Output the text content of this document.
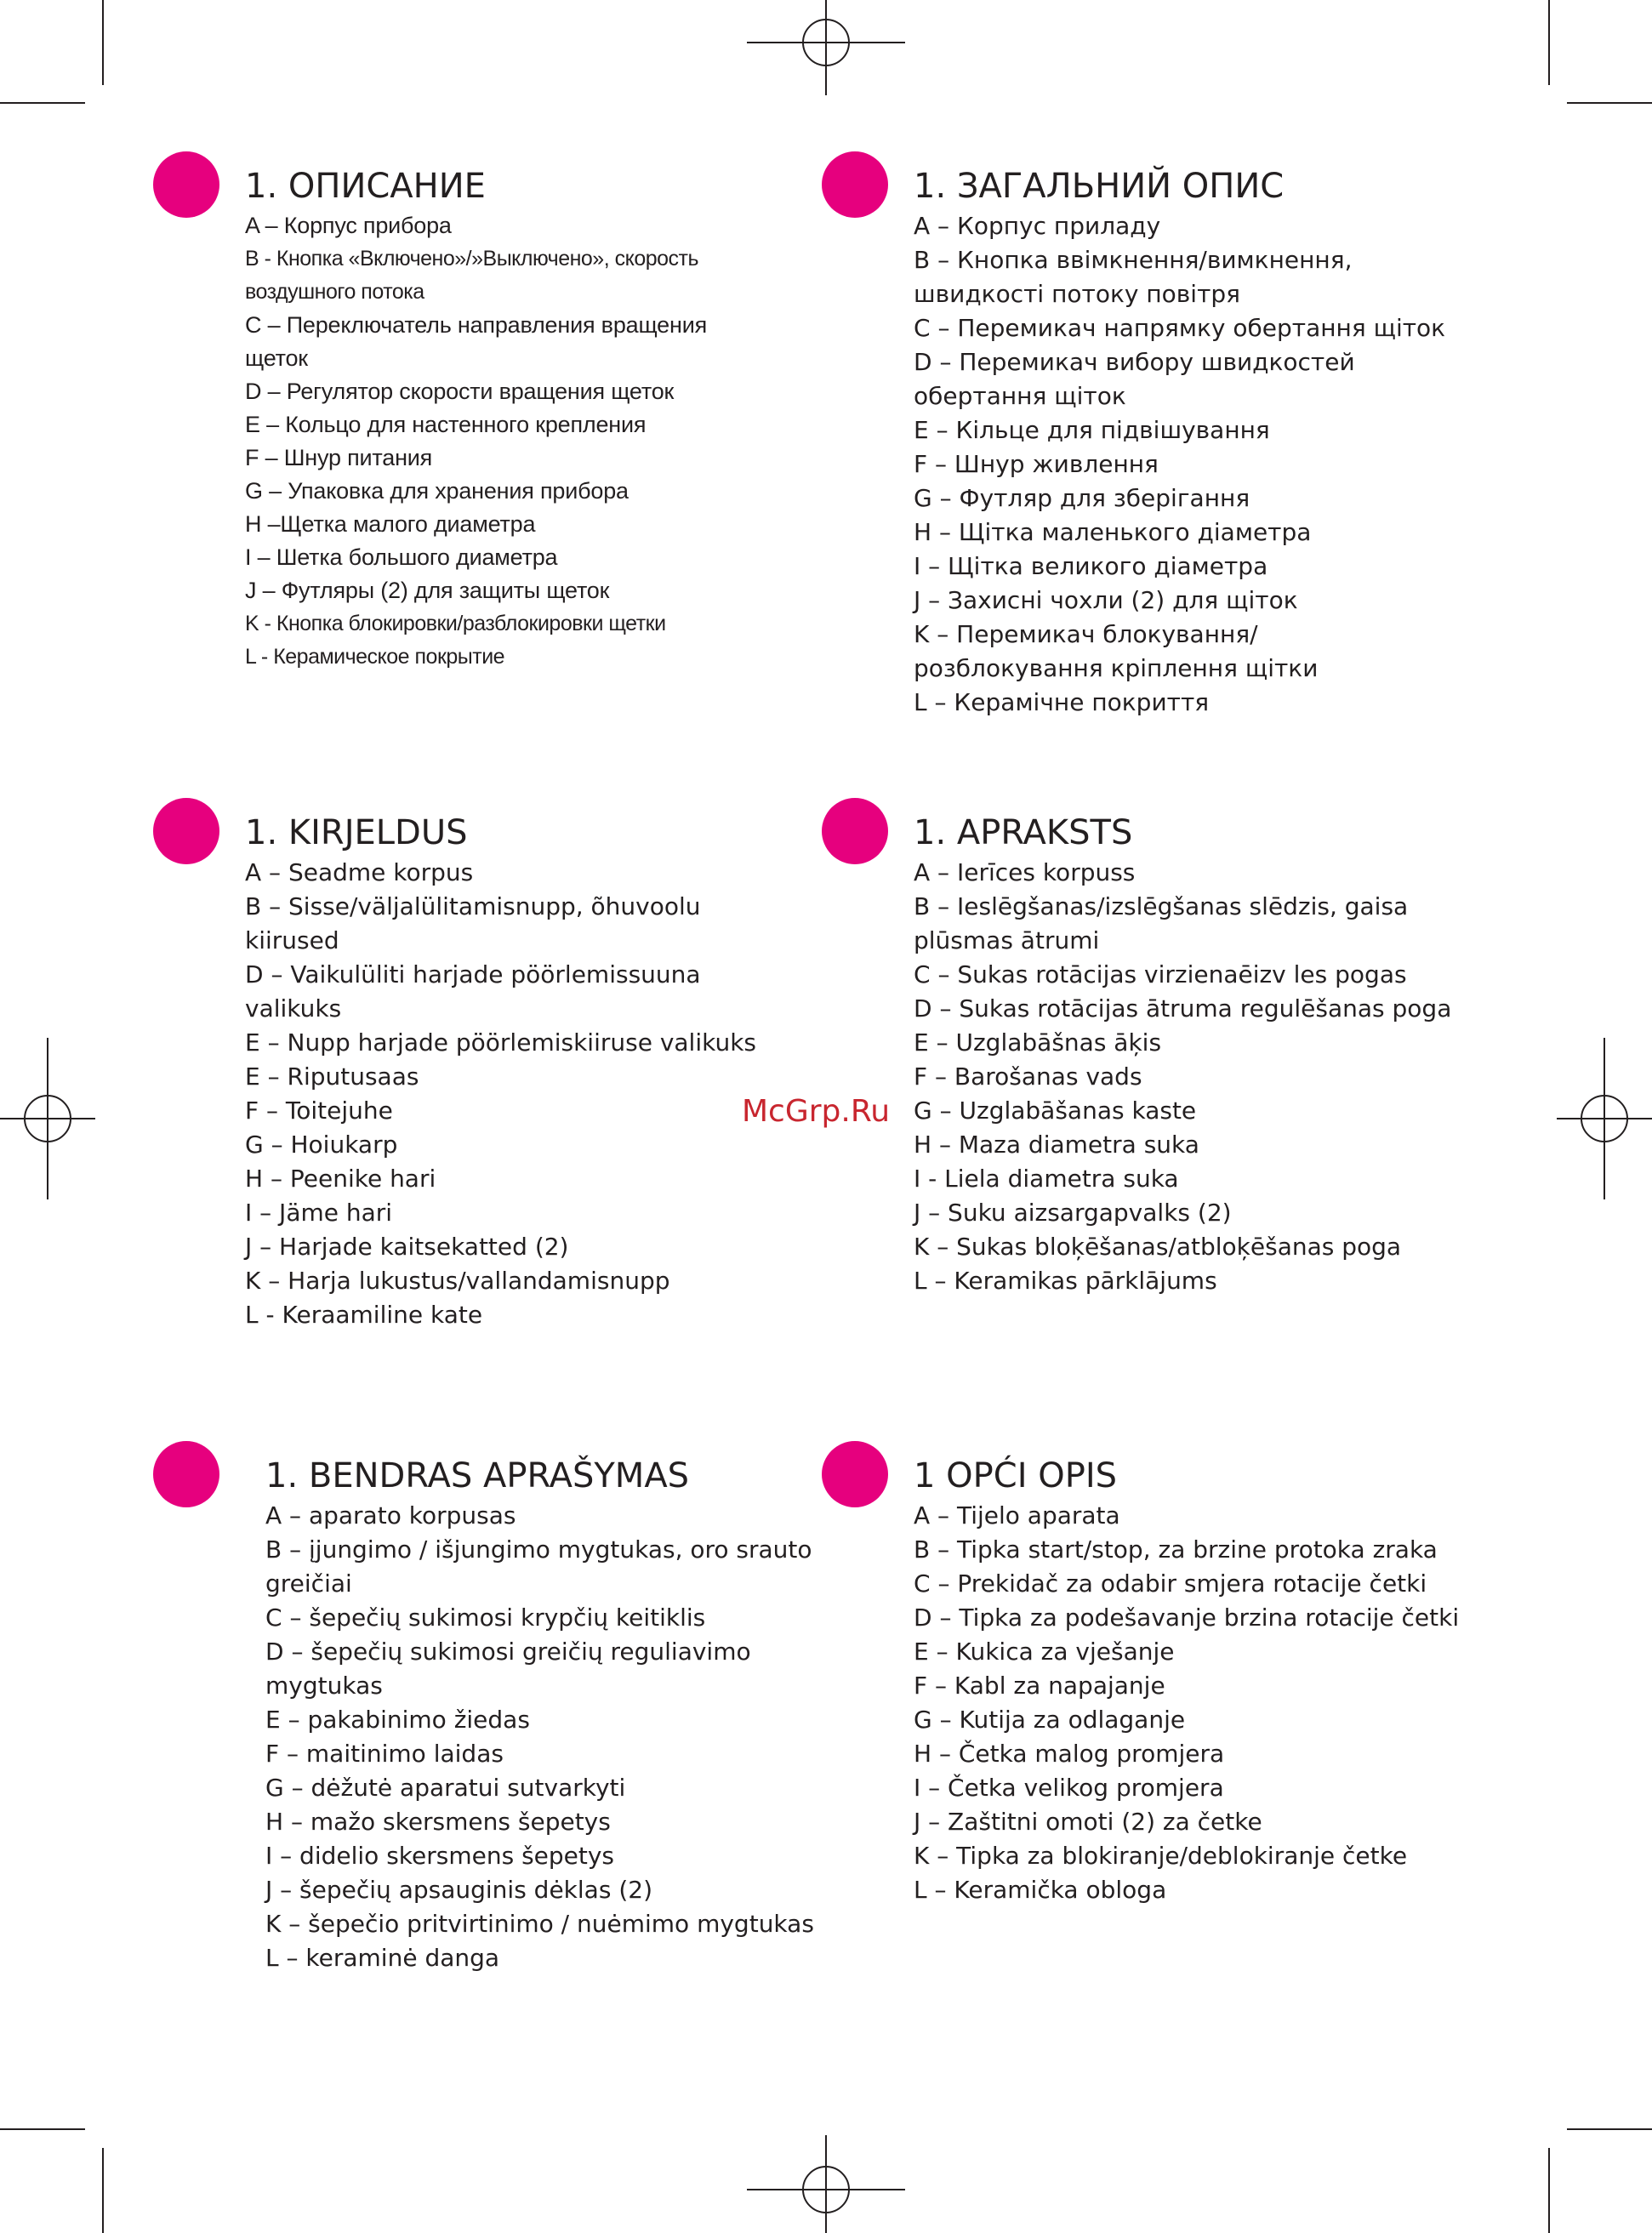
1. ОПИСАНИЕ
A – Корпус прибора
B - Кнопка «Включено»/»Выключено», скорость
воздушного потока
C – Переключатель направления вращения
щеток
D – Регулятор скорости вращения щеток
E – Кольцо для настенного крепления
F – Шнур питания
G – Упаковка для хранения прибора
H –Щетка малого диаметра
I – Шетка большого диаметра
J – Футляры (2) для защиты щеток
K - Кнопка блокировки/разблокировки щетки
L - Керамическое покрытие
1. ЗАГАЛЬНИЙ ОПИС
A – Корпус приладу
B – Кнопка ввімкнення/вимкнення,
швидкості потоку повітря
C – Перемикач напрямку обертання щіток
D – Перемикач вибору швидкостей
обертання щіток
E – Кільце для підвішування
F – Шнур живлення
G – Футляр для зберігання
H – Щітка маленького діаметра
I – Щітка великого діаметра
J – Захисні чохли (2) для щіток
K – Перемикач блокування/
розблокування кріплення щітки
L – Керамічне покриття
1. KIRJELDUS
A – Seadme korpus
B – Sisse/väljalülitamisnupp, õhuvoolu
kiirused
D – Vaikulüliti harjade pöörlemissuuna
valikuks
E – Nupp harjade pöörlemiskiiruse valikuks
E – Riputusaas
F – Toitejuhe
G – Hoiukarp
H – Peenike hari
I – Jäme hari
J – Harjade kaitsekatted (2)
K – Harja lukustus/vallandamisnupp
L - Keraamiline kate
1. APRAKSTS
A – Ierīces korpuss
B – Ieslēgšanas/izslēgšanas slēdzis, gaisa
plūsmas ātrumi
C – Sukas rotācijas virzienaēizv les pogas
D – Sukas rotācijas ātruma regulēšanas poga
E – Uzglabāšnas āķis
F – Barošanas vads
G – Uzglabāšanas kaste
H – Maza diametra suka
I - Liela diametra suka
J – Suku aizsargapvalks (2)
K – Sukas bloķēšanas/atbloķēšanas poga
L – Keramikas pārklājums
1. BENDRAS APRAŠYMAS
A – aparato korpusas
B – įjungimo / išjungimo mygtukas, oro srauto
greičiai
C – šepečių sukimosi krypčių keitiklis
D – šepečių sukimosi greičių reguliavimo
mygtukas
E – pakabinimo žiedas
F – maitinimo laidas
G – dėžutė aparatui sutvarkyti
H – mažo skersmens šepetys
I – didelio skersmens šepetys
J – šepečių apsauginis dėklas (2)
K – šepečio pritvirtinimo / nuėmimo mygtukas
L – keraminė danga
1 OPĆI OPIS
A – Tijelo aparata
B – Tipka start/stop, za brzine protoka zraka
C – Prekidač za odabir smjera rotacije četki
D – Tipka za podešavanje brzina rotacije četki
E – Kukica za vješanje
F – Kabl za napajanje
G – Kutija za odlaganje
H – Četka malog promjera
I – Četka velikog promjera
J – Zaštitni omoti (2) za četke
K – Tipka za blokiranje/deblokiranje četke
L – Keramička obloga
McGrp.Ru
